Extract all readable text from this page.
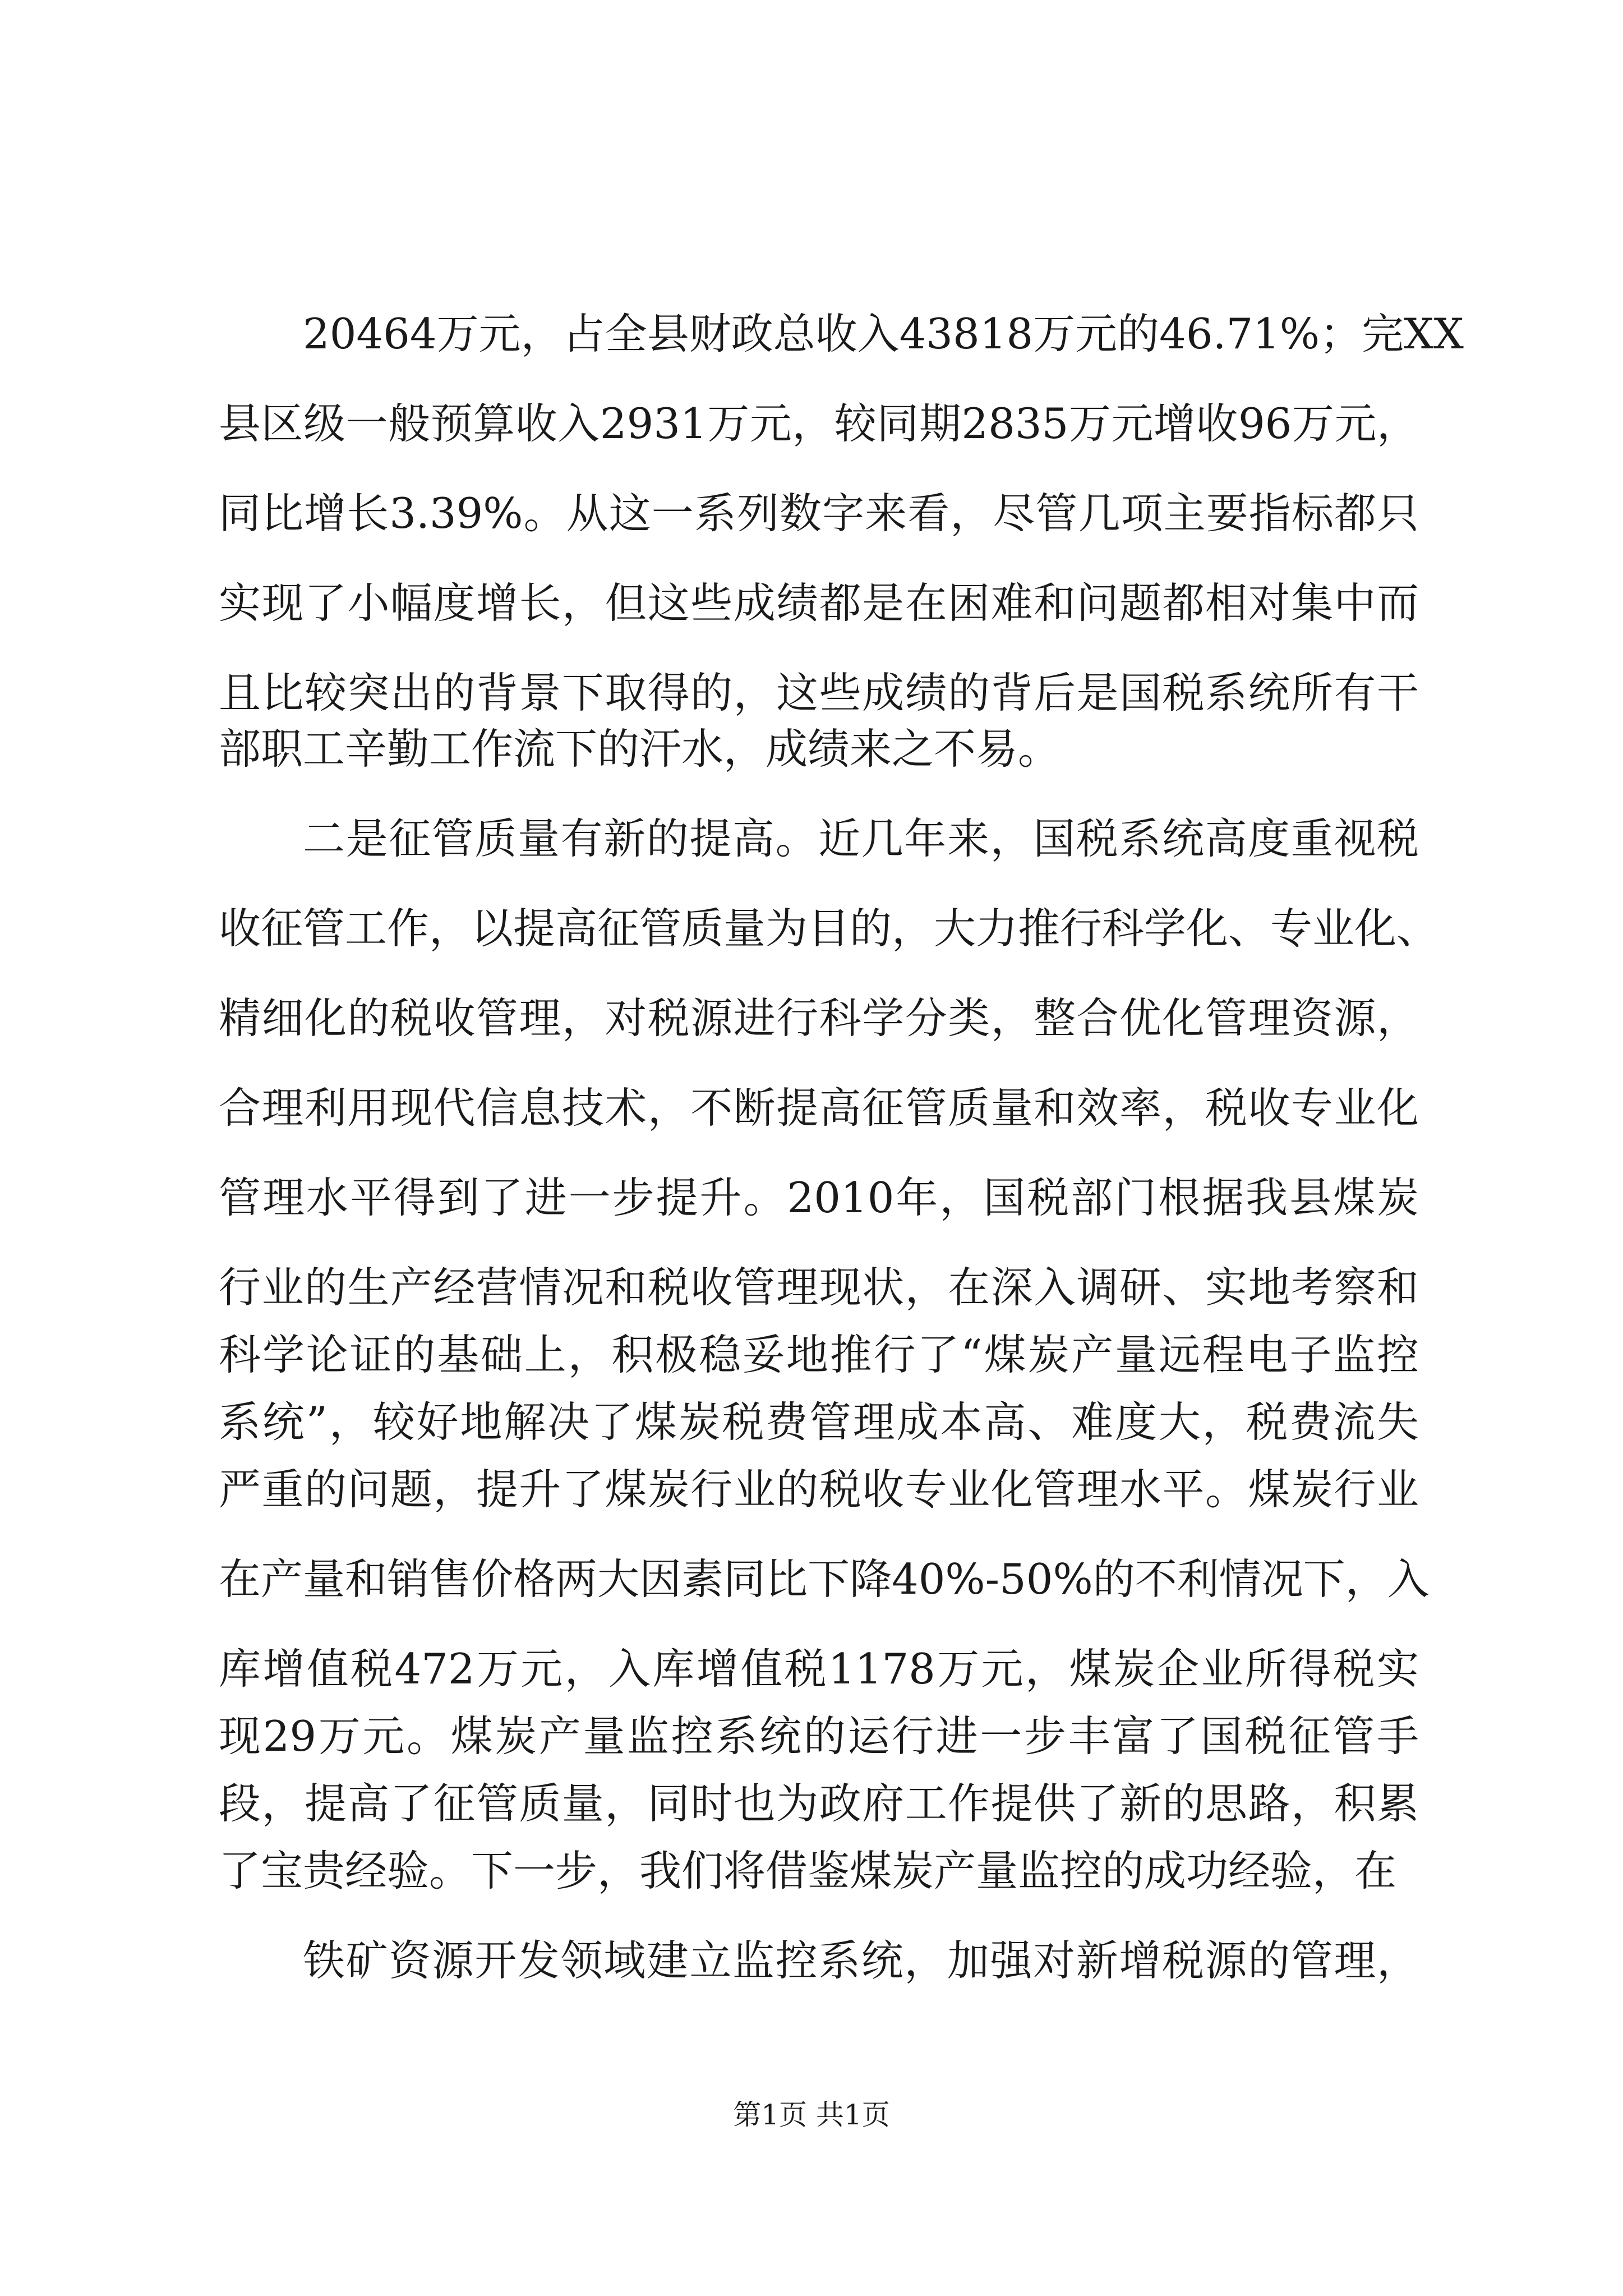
20464万元，占全县财政总收入43818万元的46.71%；完XX
县区级一般预算收入2931万元，较同期2835万元增收96万元，
同比增长3.39%。从这一系列数字来看，尽管几项主要指标都只
实现了小幅度增长，但这些成绩都是在困难和问题都相对集中而
且比较突出的背景下取得的，这些成绩的背后是国税系统所有干
部职工辛勤工作流下的汗水，成绩来之不易。
二是征管质量有新的提高。近几年来，国税系统高度重视税
收征管工作，以提高征管质量为目的，大力推行科学化、专业化、
精细化的税收管理，对税源进行科学分类，整合优化管理资源，
合理利用现代信息技术，不断提高征管质量和效率，税收专业化
管理水平得到了进一步提升。2010年，国税部门根据我县煤炭
行业的生产经营情况和税收管理现状，在深入调研、实地考察和
科学论证的基础上，积极稳妥地推行了“煤炭产量远程电子监控
系统”，较好地解决了煤炭税费管理成本高、难度大，税费流失
严重的问题，提升了煤炭行业的税收专业化管理水平。煤炭行业
在产量和销售价格两大因素同比下降40%-50%的不利情况下，入
库增值税472万元，入库增值税1178万元，煤炭企业所得税实
现29万元。煤炭产量监控系统的运行进一步丰富了国税征管手
段，提高了征管质量，同时也为政府工作提供了新的思路，积累
了宝贵经验。下一步，我们将借鉴煤炭产量监控的成功经验，在
铁矿资源开发领域建立监控系统，加强对新增税源的管理，
第1页 共1页
